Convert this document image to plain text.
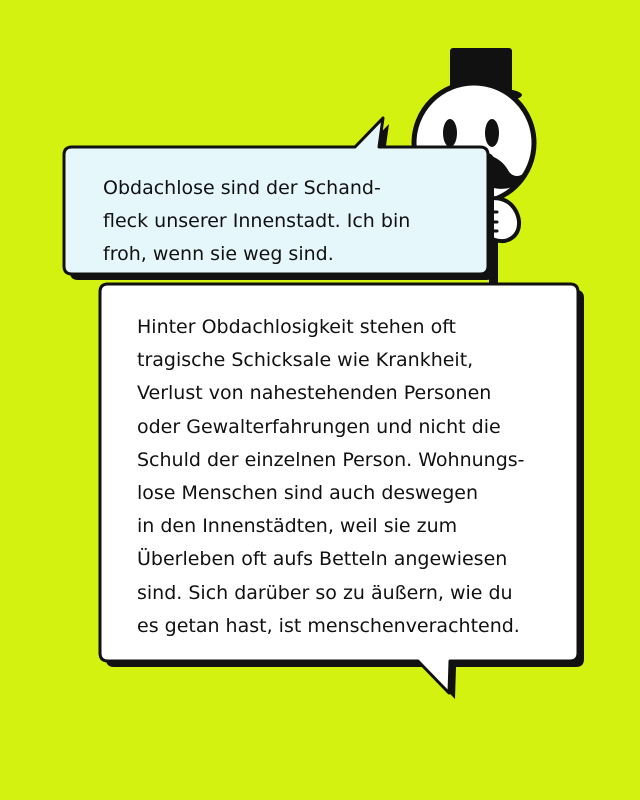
Obdachlose sind der Schand-
fleck unserer Innenstadt. Ich bin
froh, wenn sie weg sind.

Hinter Obdachlosigkeit stehen oft
tragische Schicksale wie Krankheit,
Verlust von nahestehenden Personen
oder Gewalterfahrungen und nicht die
Schuld der einzelnen Person. Wohnungs-
lose Menschen sind auch deswegen
in den Innenstädten, weil sie zum
Überleben oft aufs Betteln angewiesen
sind. Sich darüber so zu äußern, wie du
es getan hast, ist menschenverachtend.
